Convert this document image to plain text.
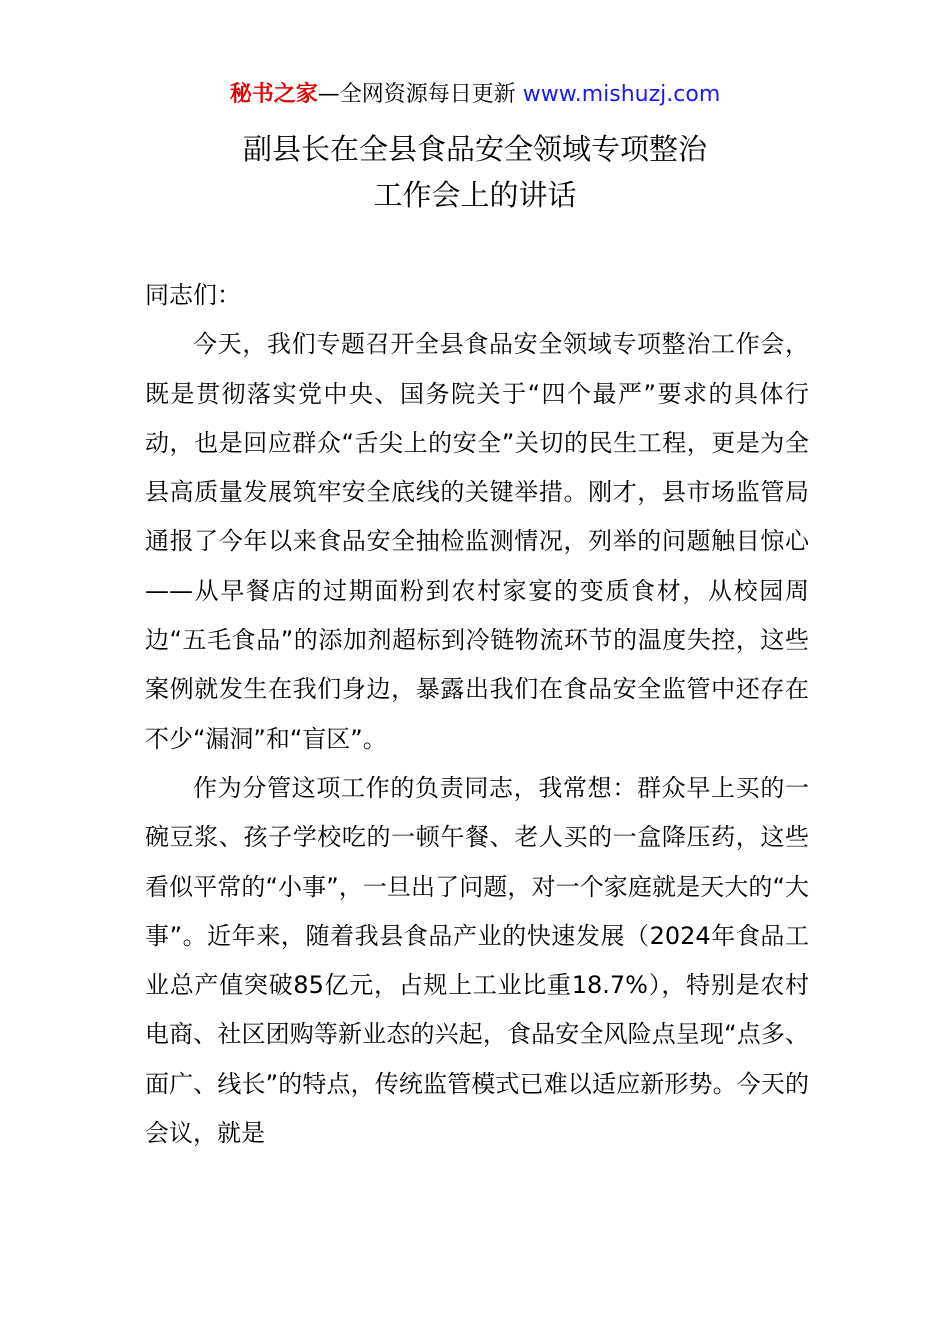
秘书之家—全网资源每日更新 www.mishuzj.com
副县长在全县食品安全领域专项整治
工作会上的讲话

同志们：

今天，我们专题召开全县食品安全领域专项整治工作会，既是贯彻落实党中央、国务院关于“四个最严”要求的具体行动，也是回应群众“舌尖上的安全”关切的民生工程，更是为全县高质量发展筑牢安全底线的关键举措。刚才，县市场监管局通报了今年以来食品安全抽检监测情况，列举的问题触目惊心——从早餐店的过期面粉到农村家宴的变质食材，从校园周边“五毛食品”的添加剂超标到冷链物流环节的温度失控，这些案例就发生在我们身边，暴露出我们在食品安全监管中还存在不少“漏洞”和“盲区”。

作为分管这项工作的负责同志，我常想：群众早上买的一碗豆浆、孩子学校吃的一顿午餐、老人买的一盒降压药，这些看似平常的“小事”，一旦出了问题，对一个家庭就是天大的“大事”。近年来，随着我县食品产业的快速发展（2024年食品工业总产值突破85亿元，占规上工业比重18.7%），特别是农村电商、社区团购等新业态的兴起，食品安全风险点呈现“点多、面广、线长”的特点，传统监管模式已难以适应新形势。今天的会议，就是
